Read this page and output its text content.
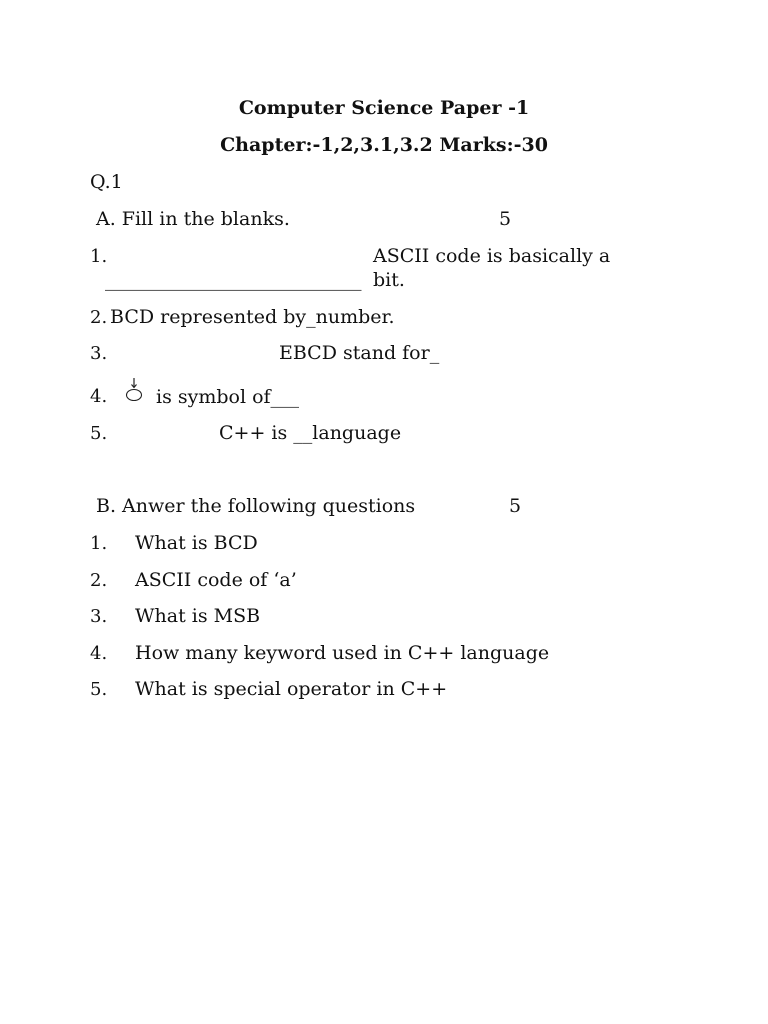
Computer Science Paper -1
Chapter:-1,2,3.1,3.2 Marks:-30
Q.1
A. Fill in the blanks.	5
1.	ASCII code is basically a
___________________________ bit.
2. BCD represented by_number.
3.	EBCD stand for_
4.	is symbol of___
5.	C++ is __language
B. Anwer the following questions	5
1. What is BCD
2. ASCII code of ‘a’
3. What is MSB
4. How many keyword used in C++ language
5. What is special operator in C++
